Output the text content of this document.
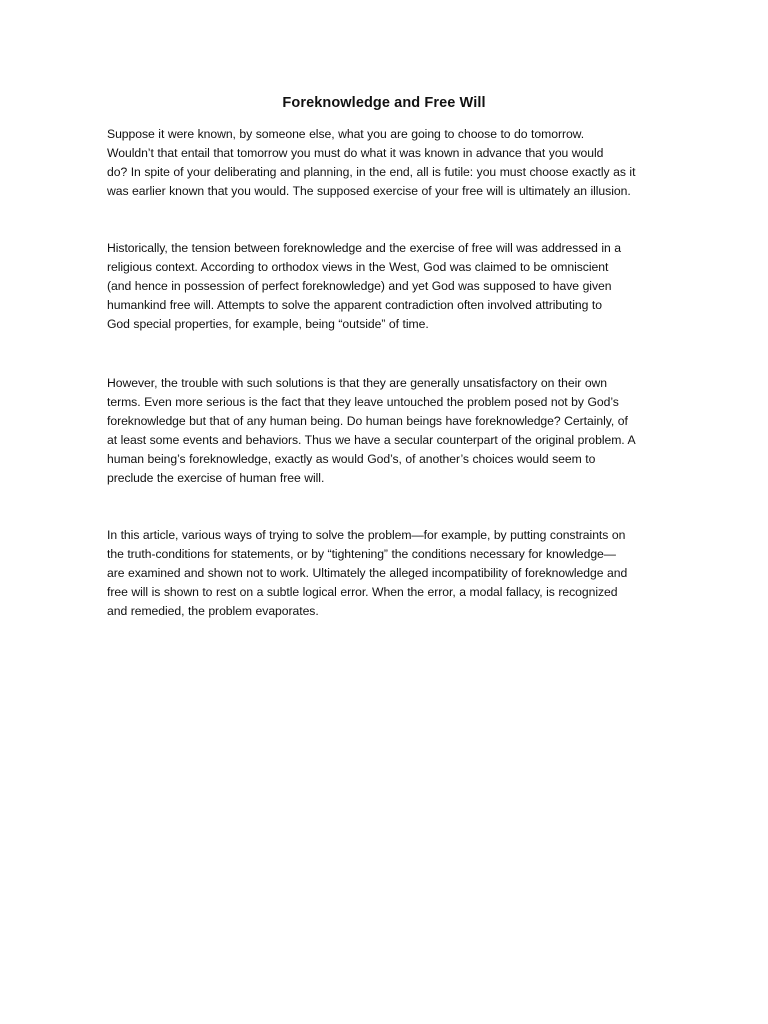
Foreknowledge and Free Will

Suppose it were known, by someone else, what you are going to choose to do tomorrow.
Wouldn’t that entail that tomorrow you must do what it was known in advance that you would
do? In spite of your deliberating and planning, in the end, all is futile: you must choose exactly as it
was earlier known that you would. The supposed exercise of your free will is ultimately an illusion.

Historically, the tension between foreknowledge and the exercise of free will was addressed in a
religious context. According to orthodox views in the West, God was claimed to be omniscient
(and hence in possession of perfect foreknowledge) and yet God was supposed to have given
humankind free will. Attempts to solve the apparent contradiction often involved attributing to
God special properties, for example, being “outside” of time.

However, the trouble with such solutions is that they are generally unsatisfactory on their own
terms. Even more serious is the fact that they leave untouched the problem posed not by God’s
foreknowledge but that of any human being. Do human beings have foreknowledge? Certainly, of
at least some events and behaviors. Thus we have a secular counterpart of the original problem. A
human being’s foreknowledge, exactly as would God’s, of another’s choices would seem to
preclude the exercise of human free will.

In this article, various ways of trying to solve the problem—for example, by putting constraints on
the truth-conditions for statements, or by “tightening” the conditions necessary for knowledge—
are examined and shown not to work. Ultimately the alleged incompatibility of foreknowledge and
free will is shown to rest on a subtle logical error. When the error, a modal fallacy, is recognized
and remedied, the problem evaporates.
